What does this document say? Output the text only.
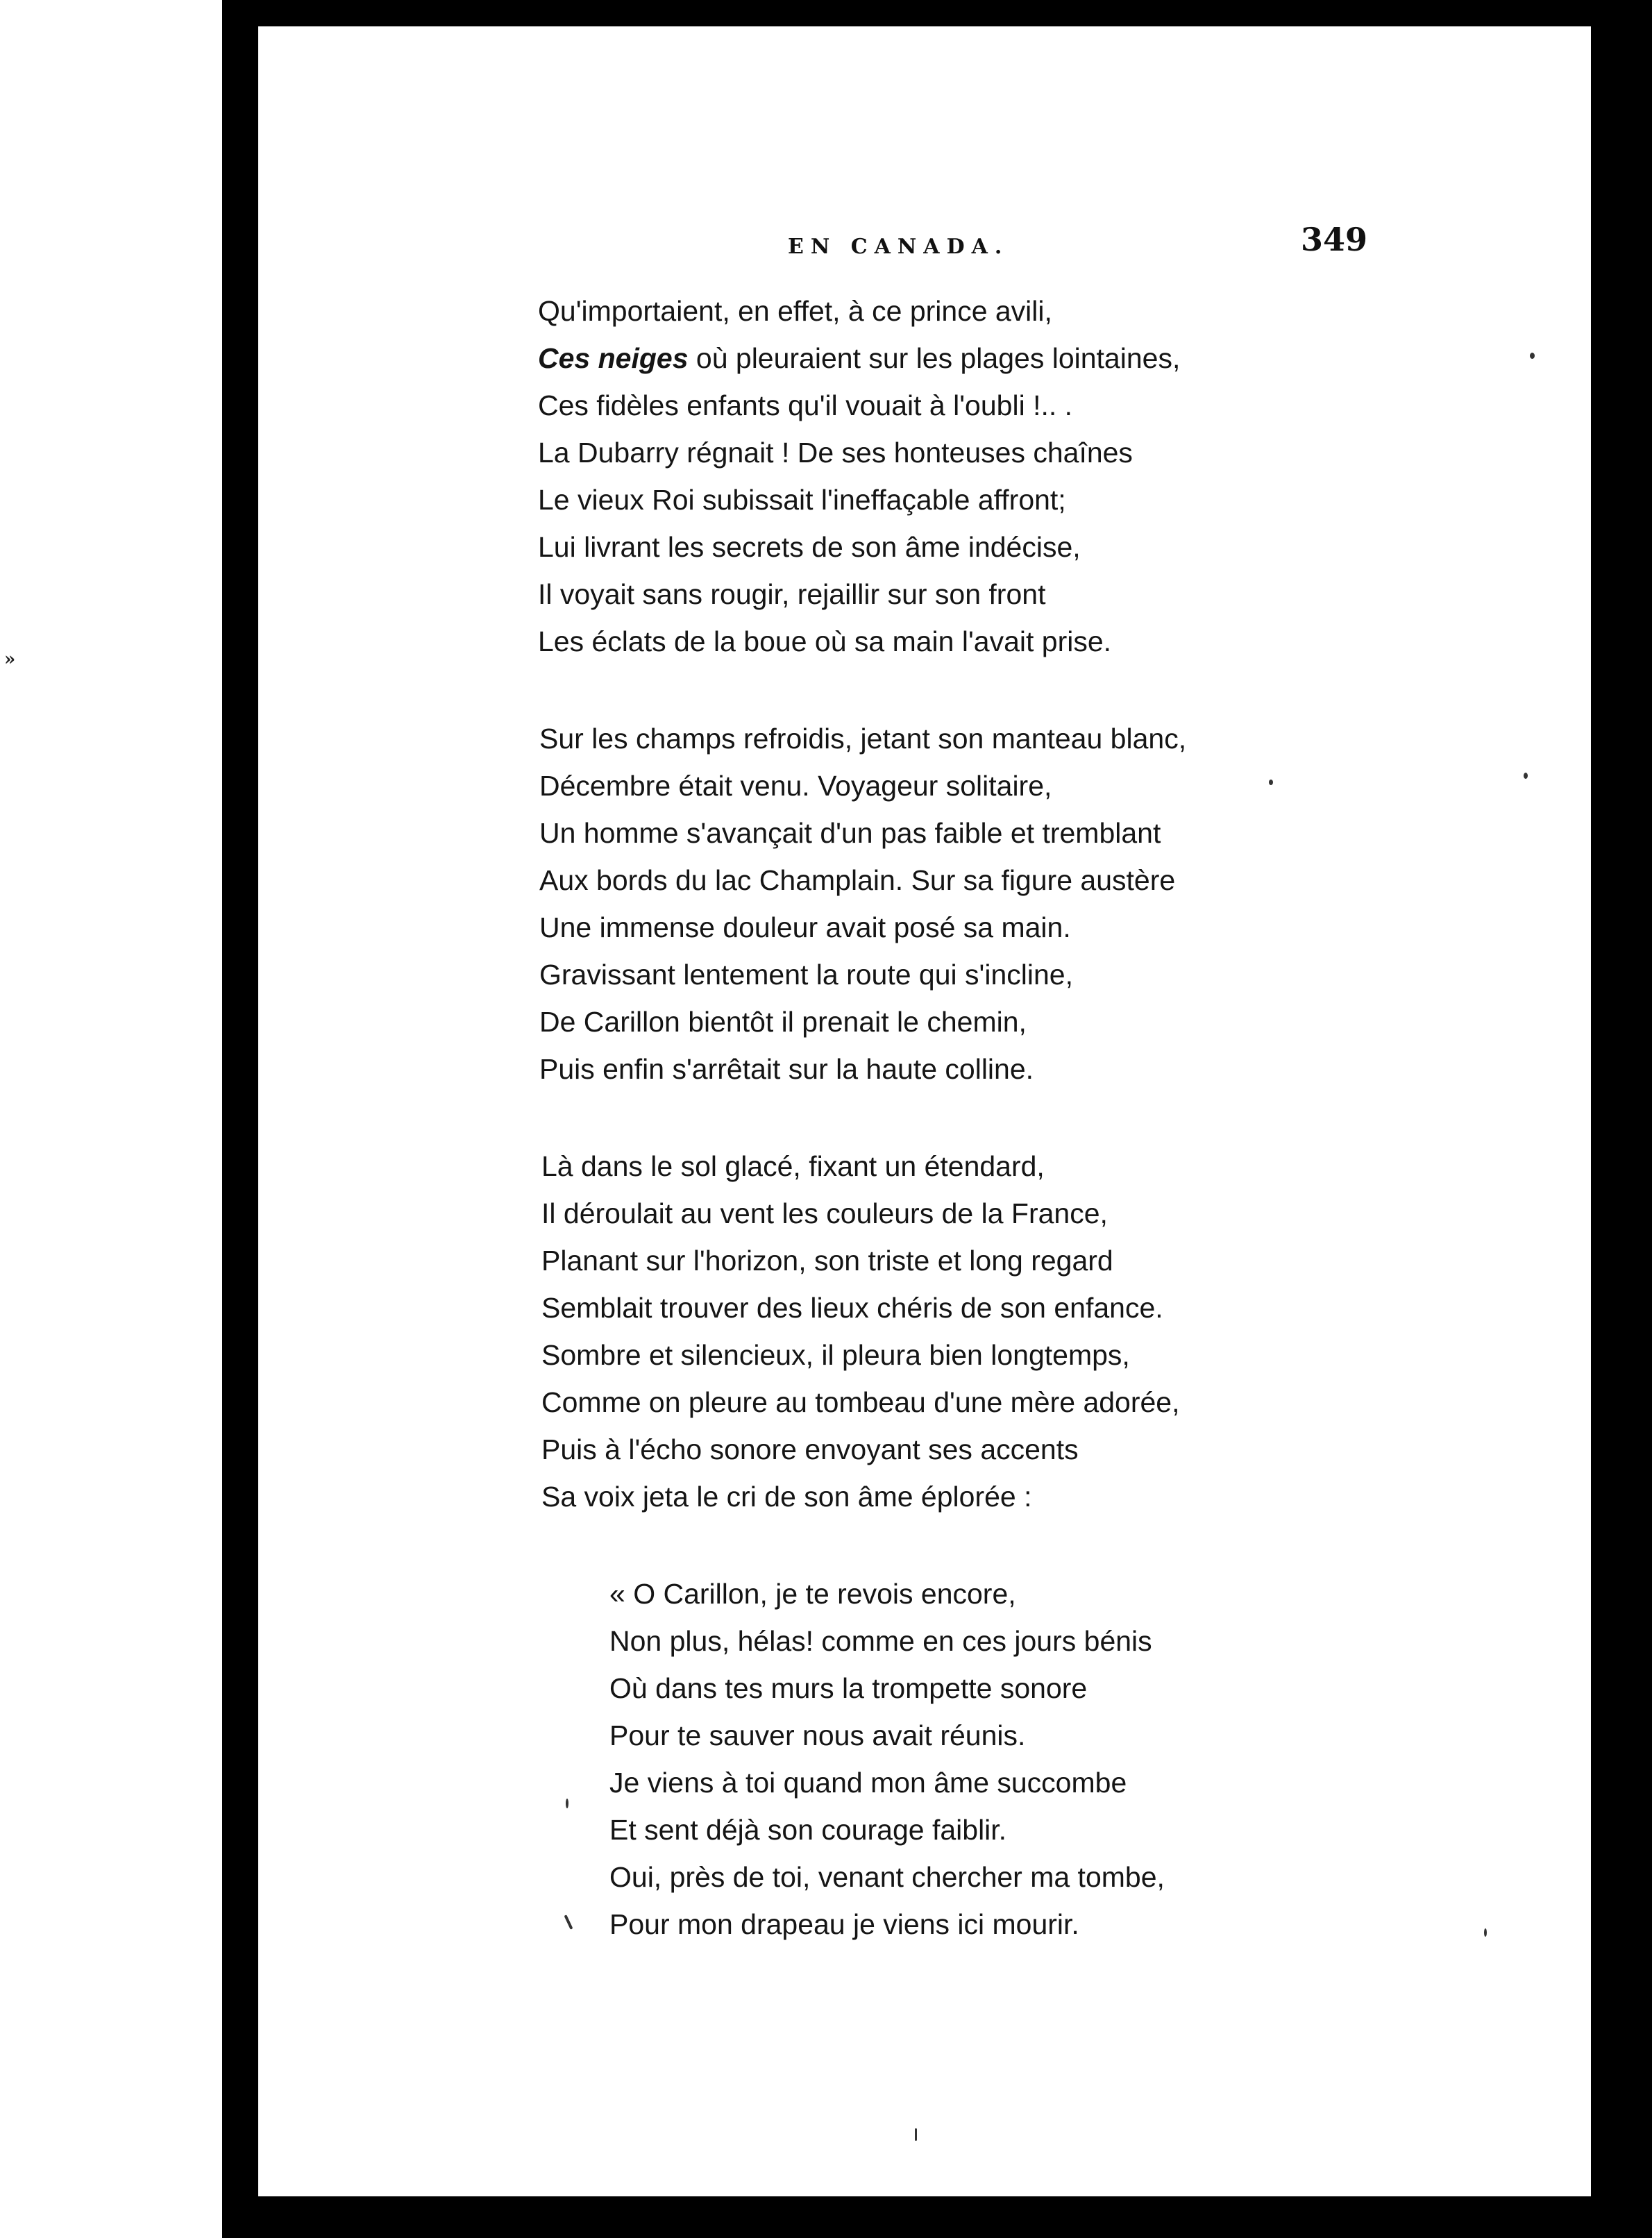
»
EN CANADA.	349
Qu'importaient, en effet, à ce prince avili,
Ces neiges où pleuraient sur les plages lointaines,
Ces fidèles enfants qu'il vouait à l'oubli !.. .
La Dubarry régnait ! De ses honteuses chaînes
Le vieux Roi subissait l'ineffaçable affront;
Lui livrant les secrets de son âme indécise,
Il voyait sans rougir, rejaillir sur son front
Les éclats de la boue où sa main l'avait prise.
Sur les champs refroidis, jetant son manteau blanc,
Décembre était venu. Voyageur solitaire,
Un homme s'avançait d'un pas faible et tremblant
Aux bords du lac Champlain. Sur sa figure austère
Une immense douleur avait posé sa main.
Gravissant lentement la route qui s'incline,
De Carillon bientôt il prenait le chemin,
Puis enfin s'arrêtait sur la haute colline.
Là dans le sol glacé, fixant un étendard,
Il déroulait au vent les couleurs de la France,
Planant sur l'horizon, son triste et long regard
Semblait trouver des lieux chéris de son enfance.
Sombre et silencieux, il pleura bien longtemps,
Comme on pleure au tombeau d'une mère adorée,
Puis à l'écho sonore envoyant ses accents
Sa voix jeta le cri de son âme éplorée :
« O Carillon, je te revois encore,
Non plus, hélas! comme en ces jours bénis
Où dans tes murs la trompette sonore
Pour te sauver nous avait réunis.
Je viens à toi quand mon âme succombe
Et sent déjà son courage faiblir.
Oui, près de toi, venant chercher ma tombe,
Pour mon drapeau je viens ici mourir.
